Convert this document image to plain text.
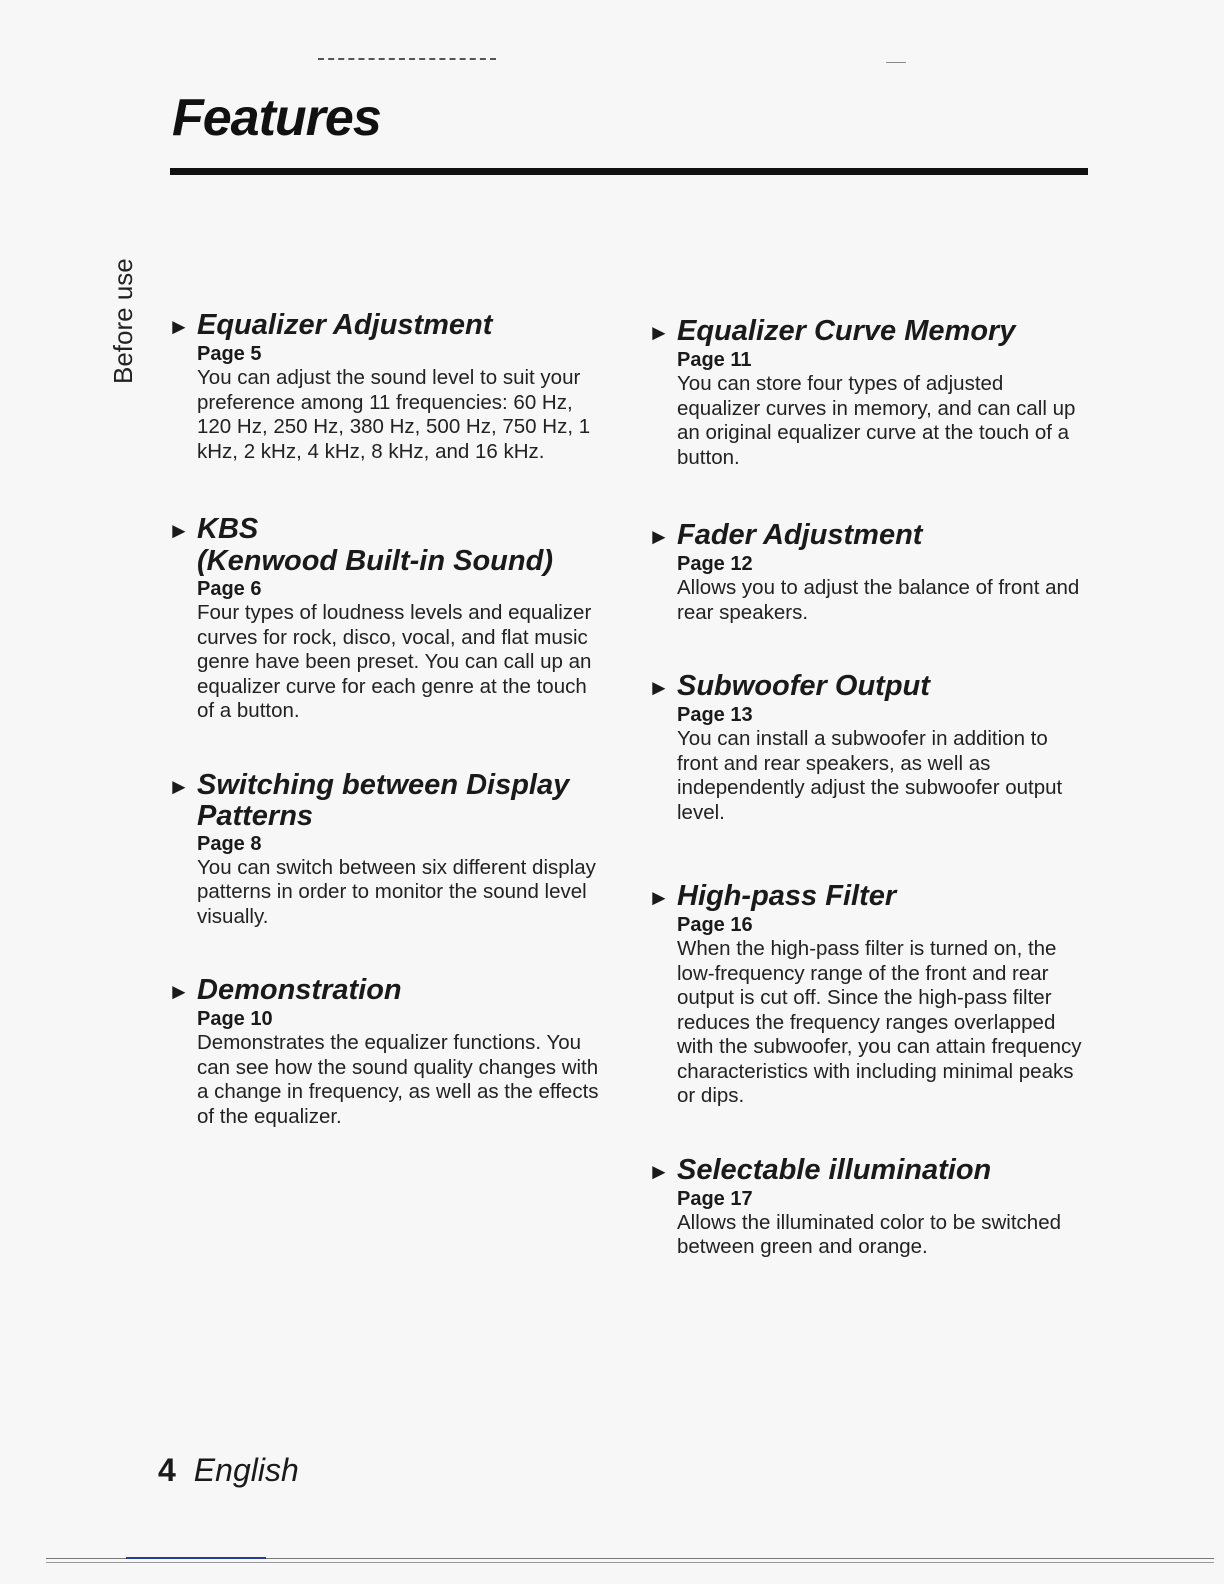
Features
Before use ► Equalizer Adjustment
Page 5

You can adjust the sound level to suit your preference among 11 frequencies: 60 Hz, 120 Hz, 250 Hz, 380 Hz, 500 Hz, 750 Hz, 1 kHz, 2 kHz, 4 kHz, 8 kHz, and 16 kHz.

► KBS
(Kenwood Built-in Sound)
Page 6

Four types of loudness levels and equalizer curves for rock, disco, vocal, and flat music genre have been preset. You can call up an equalizer curve for each genre at the touch of a button.

► Switching between Display Patterns
Page 8

You can switch between six different display patterns in order to monitor the sound level visually.

► Demonstration
Page 10

Demonstrates the equalizer functions. You can see how the sound quality changes with a change in frequency, as well as the effects of the equalizer.

► Equalizer Curve Memory
Page 11

You can store four types of adjusted equalizer curves in memory, and can call up an original equalizer curve at the touch of a button.

► Fader Adjustment
Page 12

Allows you to adjust the balance of front and rear speakers.

► Subwoofer Output
Page 13

You can install a subwoofer in addition to front and rear speakers, as well as independently adjust the subwoofer output level.

► High-pass Filter
Page 16

When the high-pass filter is turned on, the low-frequency range of the front and rear output is cut off. Since the high-pass filter reduces the frequency ranges overlapped with the subwoofer, you can attain frequency characteristics with including minimal peaks or dips.

► Selectable illumination
Page 17

Allows the illuminated color to be switched between green and orange.

4 English
